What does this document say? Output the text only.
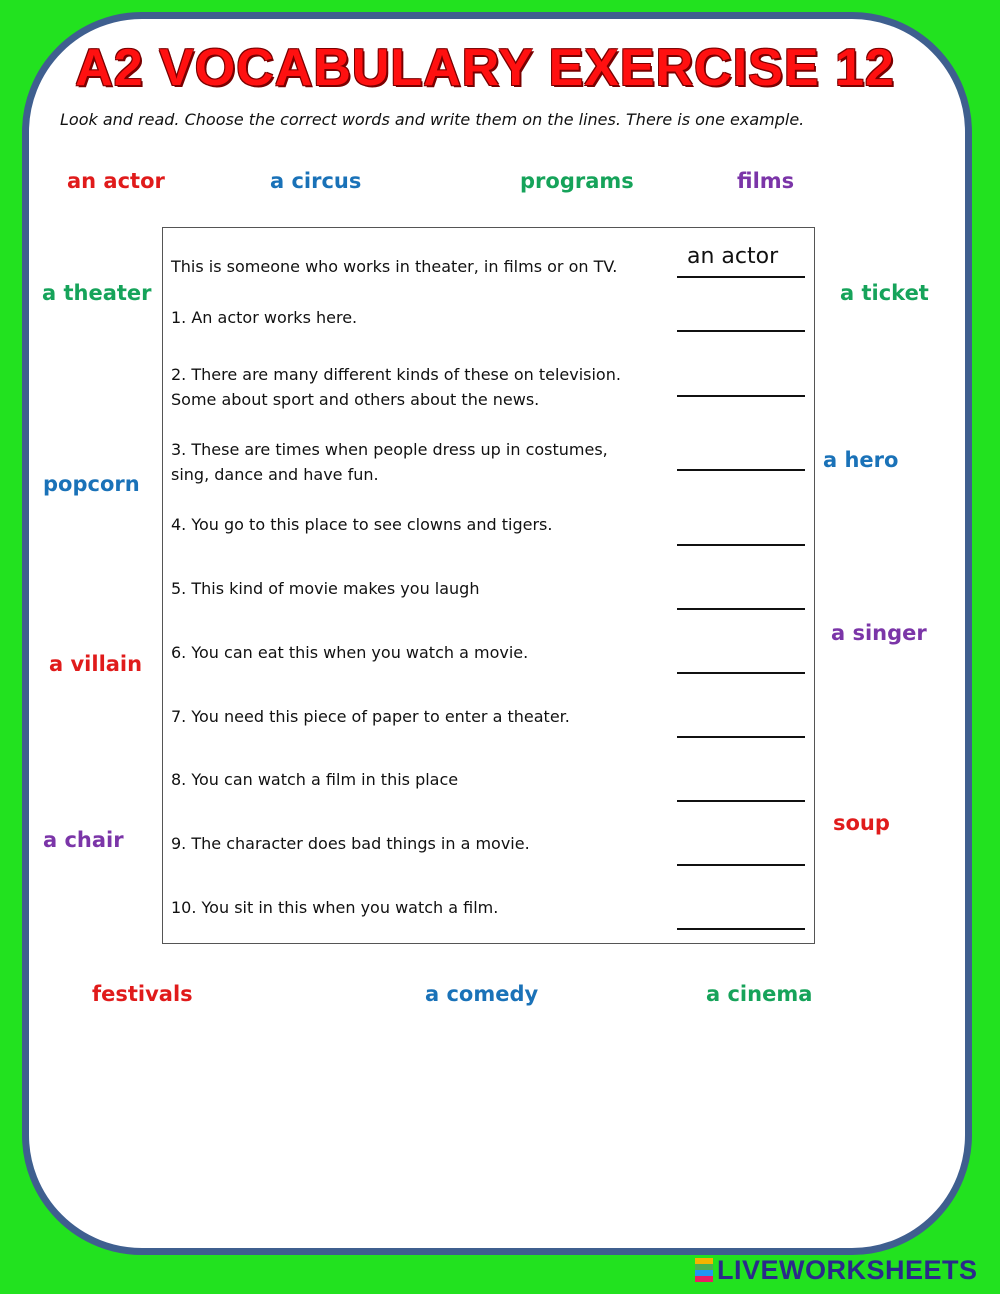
A2 VOCABULARY EXERCISE 12
Look and read. Choose the correct words and write them on the lines. There is one example.
an actor	a circus	programs	films
a theater	a ticket
a hero
popcorn
a singer
a villain
soup
a chair
festivals	a comedy	a cinema
This is someone who works in theater, in films or on TV.	an actor
1. An actor works here.
2. There are many different kinds of these on television.
Some about sport and others about the news.
3. These are times when people dress up in costumes,
sing, dance and have fun.
4. You go to this place to see clowns and tigers.
5. This kind of movie makes you laugh
6. You can eat this when you watch a movie.
7. You need this piece of paper to enter a theater.
8. You can watch a film in this place
9. The character does bad things in a movie.
10. You sit in this when you watch a film.
LIVEWORKSHEETS
